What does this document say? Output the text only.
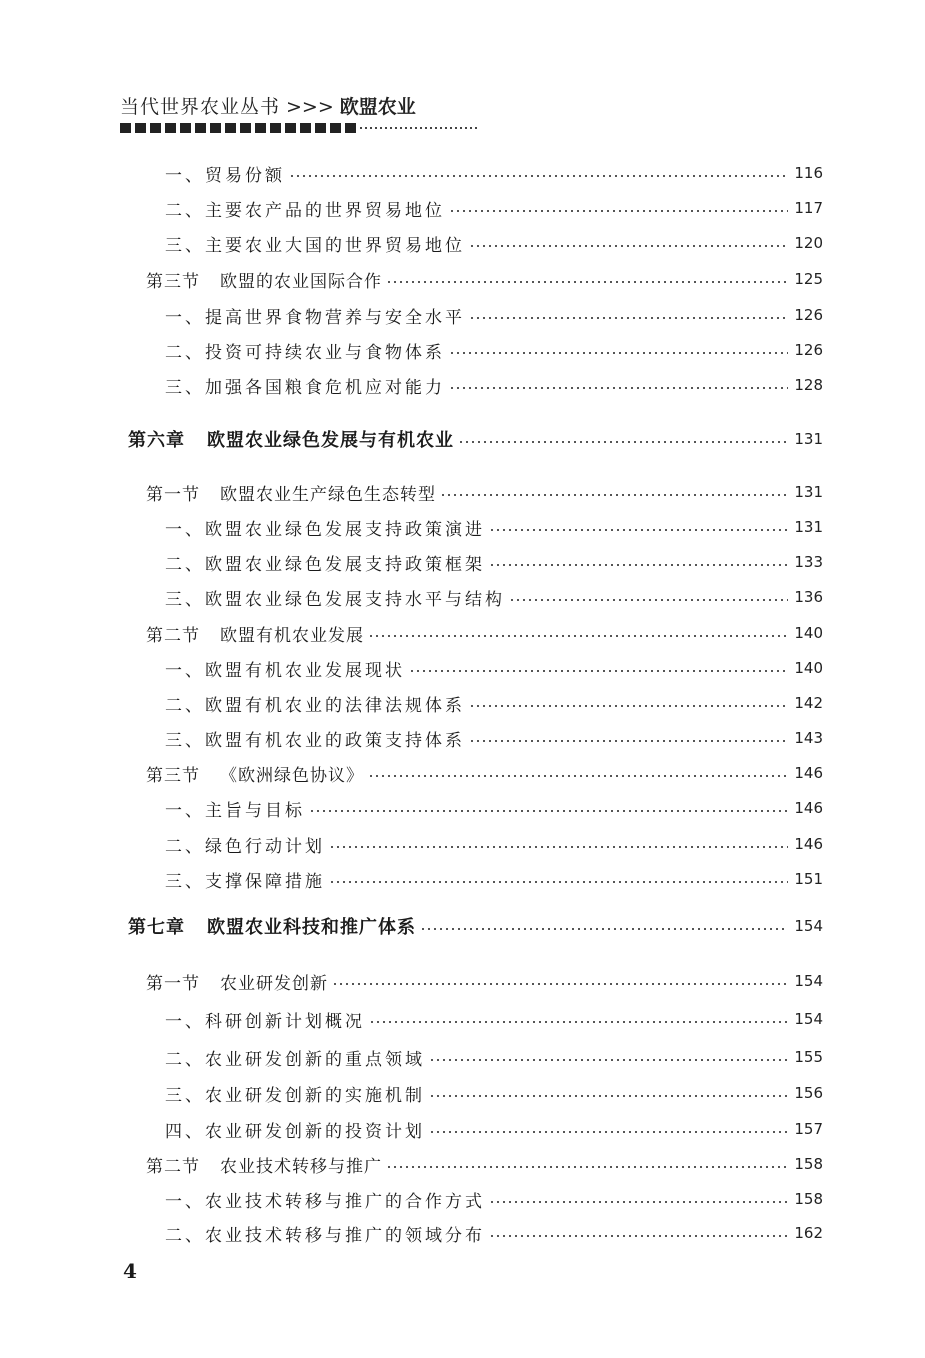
当代世界农业丛书 >>> 欧盟农业
一、贸易份额	116
二、主要农产品的世界贸易地位	117
三、主要农业大国的世界贸易地位	120
第三节 欧盟的农业国际合作	125
一、提高世界食物营养与安全水平	126
二、投资可持续农业与食物体系	126
三、加强各国粮食危机应对能力	128
第六章 欧盟农业绿色发展与有机农业	131
第一节 欧盟农业生产绿色生态转型	131
一、欧盟农业绿色发展支持政策演进	131
二、欧盟农业绿色发展支持政策框架	133
三、欧盟农业绿色发展支持水平与结构	136
第二节 欧盟有机农业发展	140
一、欧盟有机农业发展现状	140
二、欧盟有机农业的法律法规体系	142
三、欧盟有机农业的政策支持体系	143
第三节 《欧洲绿色协议》	146
一、主旨与目标	146
二、绿色行动计划	146
三、支撑保障措施	151
第七章 欧盟农业科技和推广体系	154
第一节 农业研发创新	154
一、科研创新计划概况	154
二、农业研发创新的重点领域	155
三、农业研发创新的实施机制	156
四、农业研发创新的投资计划	157
第二节 农业技术转移与推广	158
一、农业技术转移与推广的合作方式	158
二、农业技术转移与推广的领域分布	162
4
